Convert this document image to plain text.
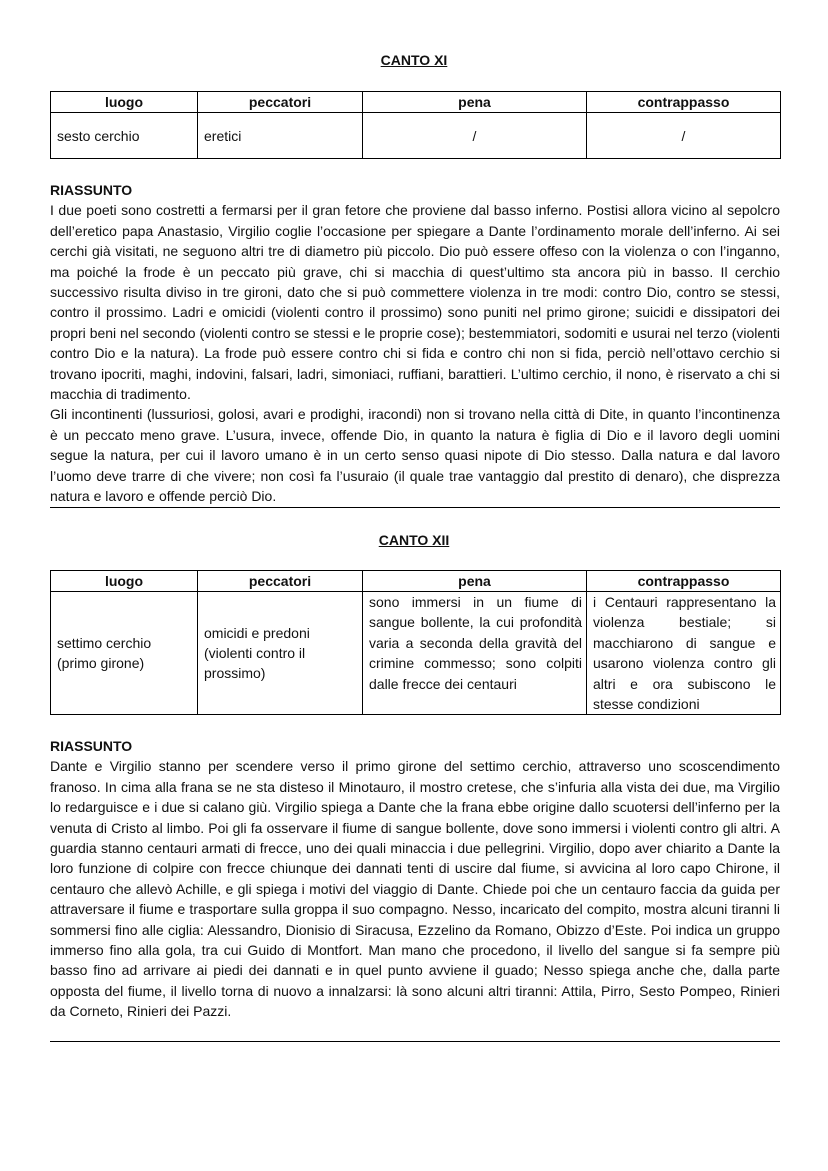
CANTO XI
luogo	peccatori	pena	contrappasso
sesto cerchio	eretici	/	/
RIASSUNTO

I due poeti sono costretti a fermarsi per il gran fetore che proviene dal basso inferno. Postisi allora vicino al sepolcro dell’eretico papa Anastasio, Virgilio coglie l’occasione per spiegare a Dante l’ordinamento morale dell’inferno. Ai sei cerchi già visitati, ne seguono altri tre di diametro più piccolo. Dio può essere offeso con la violenza o con l’inganno, ma poiché la frode è un peccato più grave, chi si macchia di quest’ultimo sta ancora più in basso. Il cerchio successivo risulta diviso in tre gironi, dato che si può commettere violenza in tre modi: contro Dio, contro se stessi, contro il prossimo. Ladri e omicidi (violenti contro il prossimo) sono puniti nel primo girone; suicidi e dissipatori dei propri beni nel secondo (violenti contro se stessi e le proprie cose); bestemmiatori, sodomiti e usurai nel terzo (violenti contro Dio e la natura). La frode può essere contro chi si fida e contro chi non si fida, perciò nell’ottavo cerchio si trovano ipocriti, maghi, indovini, falsari, ladri, simoniaci, ruffiani, barattieri. L’ultimo cerchio, il nono, è riservato a chi si macchia di tradimento.

Gli incontinenti (lussuriosi, golosi, avari e prodighi, iracondi) non si trovano nella città di Dite, in quanto l’incontinenza è un peccato meno grave. L’usura, invece, offende Dio, in quanto la natura è figlia di Dio e il lavoro degli uomini segue la natura, per cui il lavoro umano è in un certo senso quasi nipote di Dio stesso. Dalla natura e dal lavoro l’uomo deve trarre di che vivere; non così fa l’usuraio (il quale trae vantaggio dal prestito di denaro), che disprezza natura e lavoro e offende perciò Dio.

CANTO XII
luogo	peccatori	pena	contrappasso
settimo cerchio (primo girone)	omicidi e predoni (violenti contro il prossimo)	sono immersi in un fiume di sangue bollente, la cui profondità varia a seconda della gravità del crimine commesso; sono colpiti dalle frecce dei centauri	i Centauri rappresentano la violenza bestiale; si macchiarono di sangue e usarono violenza contro gli altri e ora subiscono le stesse condizioni
RIASSUNTO

Dante e Virgilio stanno per scendere verso il primo girone del settimo cerchio, attraverso uno scoscendimento franoso. In cima alla frana se ne sta disteso il Minotauro, il mostro cretese, che s’infuria alla vista dei due, ma Virgilio lo redarguisce e i due si calano giù. Virgilio spiega a Dante che la frana ebbe origine dallo scuotersi dell’inferno per la venuta di Cristo al limbo. Poi gli fa osservare il fiume di sangue bollente, dove sono immersi i violenti contro gli altri. A guardia stanno centauri armati di frecce, uno dei quali minaccia i due pellegrini. Virgilio, dopo aver chiarito a Dante la loro funzione di colpire con frecce chiunque dei dannati tenti di uscire dal fiume, si avvicina al loro capo Chirone, il centauro che allevò Achille, e gli spiega i motivi del viaggio di Dante. Chiede poi che un centauro faccia da guida per attraversare il fiume e trasportare sulla groppa il suo compagno. Nesso, incaricato del compito, mostra alcuni tiranni li sommersi fino alle ciglia: Alessandro, Dionisio di Siracusa, Ezzelino da Romano, Obizzo d’Este. Poi indica un gruppo immerso fino alla gola, tra cui Guido di Montfort. Man mano che procedono, il livello del sangue si fa sempre più basso fino ad arrivare ai piedi dei dannati e in quel punto avviene il guado; Nesso spiega anche che, dalla parte opposta del fiume, il livello torna di nuovo a innalzarsi: là sono alcuni altri tiranni: Attila, Pirro, Sesto Pompeo, Rinieri da Corneto, Rinieri dei Pazzi.
